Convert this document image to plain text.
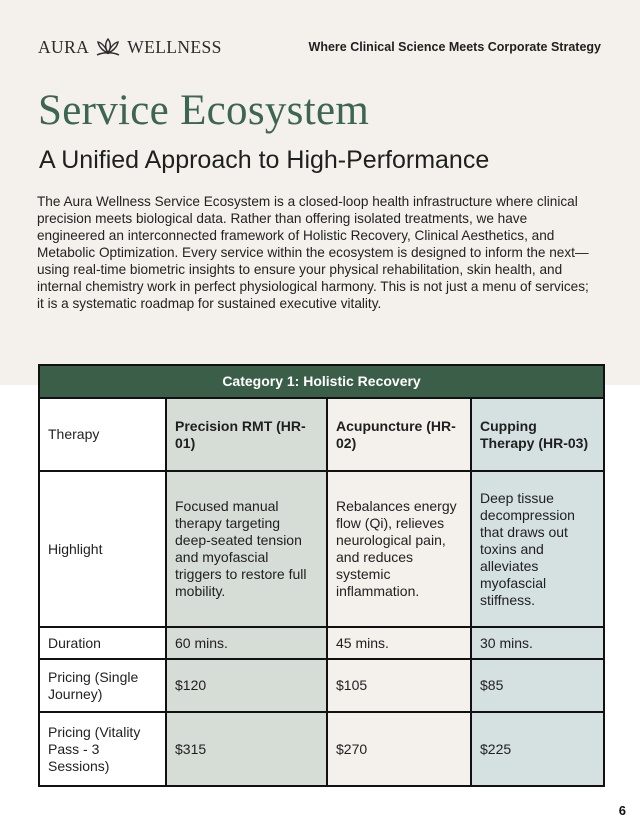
AURA WELLNESS	Where Clinical Science Meets Corporate Strategy
Service Ecosystem
A Unified Approach to High-Performance
The Aura Wellness Service Ecosystem is a closed-loop health infrastructure where clinical precision meets biological data. Rather than offering isolated treatments, we have engineered an interconnected framework of Holistic Recovery, Clinical Aesthetics, and Metabolic Optimization. Every service within the ecosystem is designed to inform the next—using real-time biometric insights to ensure your physical rehabilitation, skin health, and internal chemistry work in perfect physiological harmony. This is not just a menu of services; it is a systematic roadmap for sustained executive vitality.
Category 1: Holistic Recovery			
Therapy	Precision RMT (HR-01)	Acupuncture (HR-02)	Cupping Therapy (HR-03)
Highlight	Focused manual therapy targeting deep-seated tension and myofascial triggers to restore full mobility.	Rebalances energy flow (Qi), relieves neurological pain, and reduces systemic inflammation.	Deep tissue decompression that draws out toxins and alleviates myofascial stiffness.
Duration	60 mins.	45 mins.	30 mins.
Pricing (Single Journey)	$120	$105	$85
Pricing (Vitality Pass - 3 Sessions)	$315	$270	$225
6
